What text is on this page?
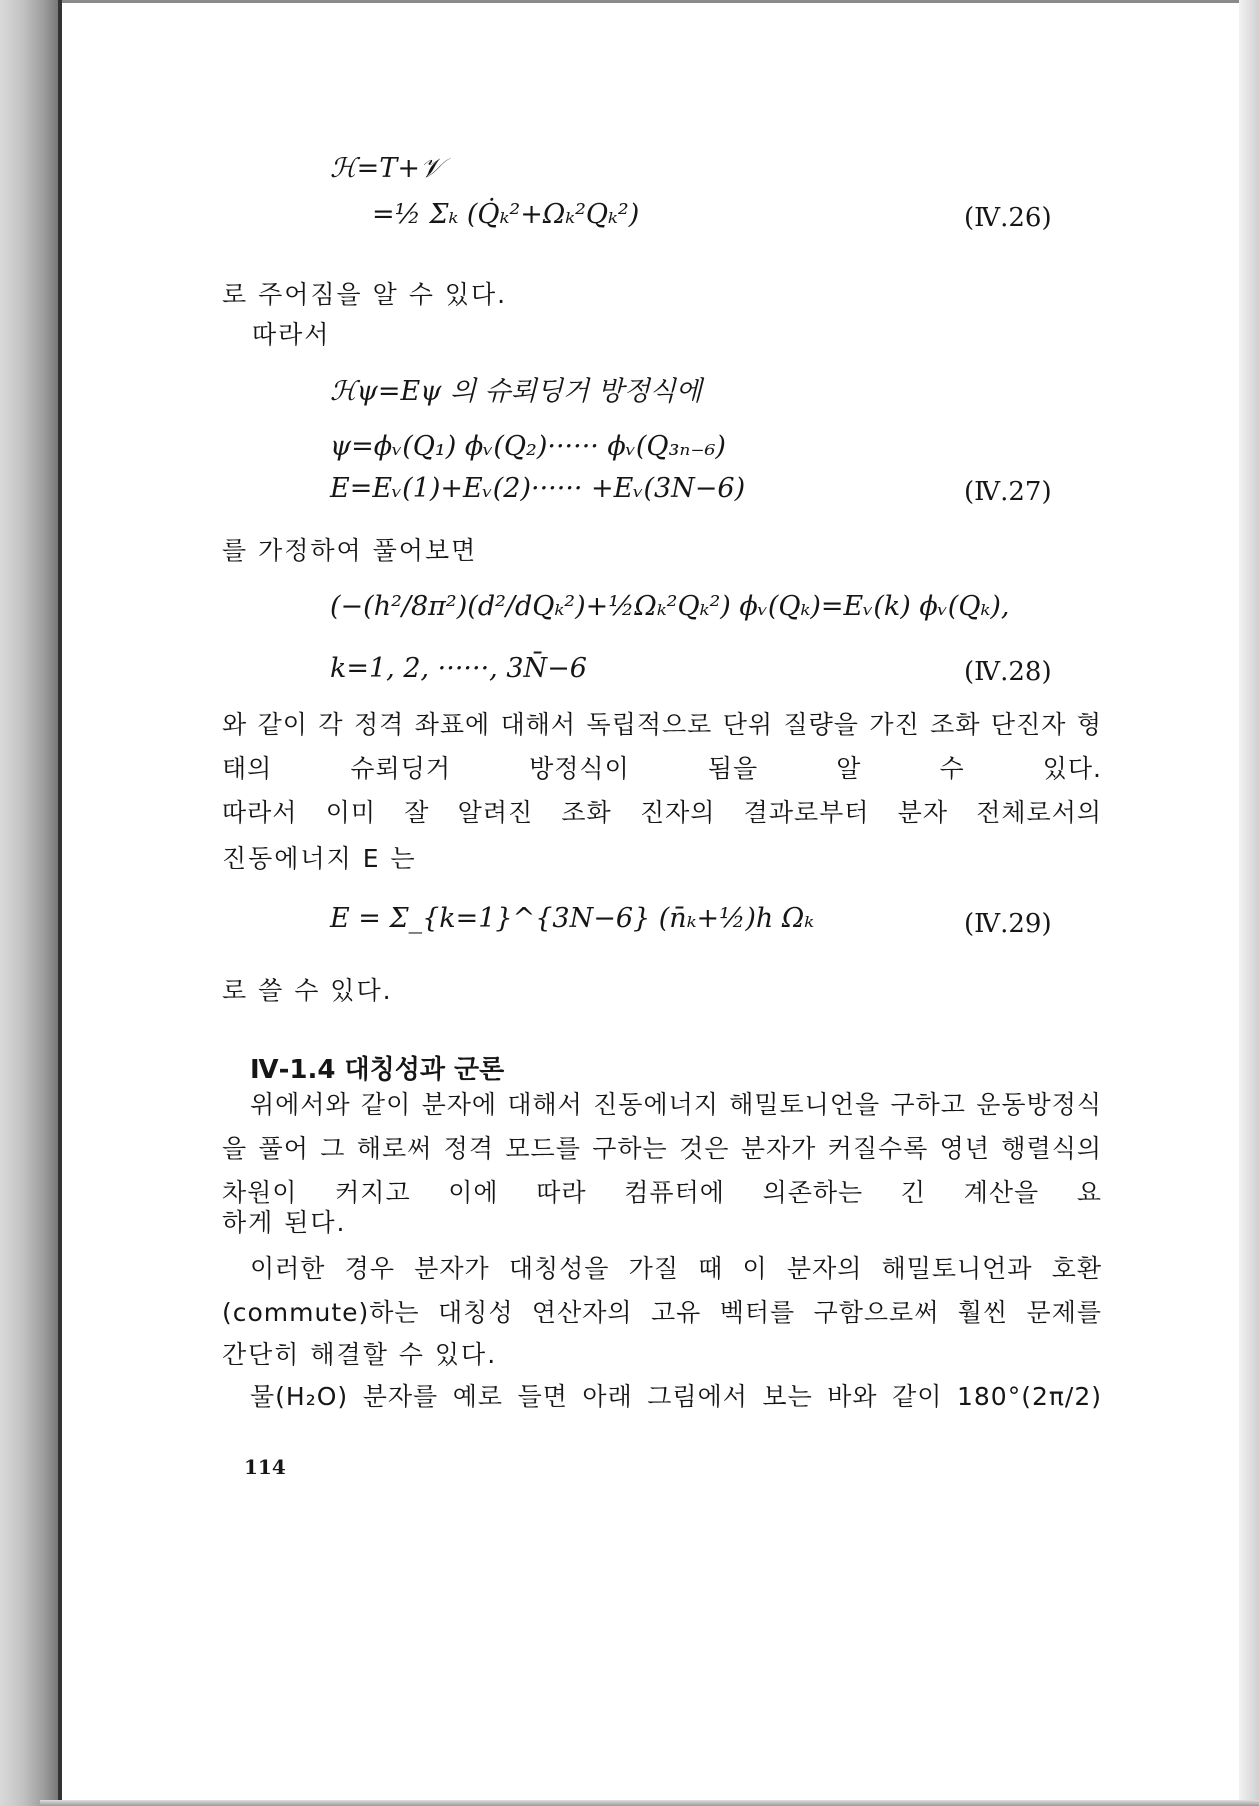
ℋ=T+𝒱
=½ Σₖ (Q̇ₖ²+Ωₖ²Qₖ²)	(Ⅳ.26)
로 주어짐을 알 수 있다.
따라서
ℋψ=Eψ 의 슈뢰딩거 방정식에
ψ=ϕᵥ(Q₁) ϕᵥ(Q₂)······ ϕᵥ(Q₃ₙ₋₆)
E=Eᵥ(1)+Eᵥ(2)······ +Eᵥ(3N−6)	(Ⅳ.27)
를 가정하여 풀어보면
(−(h²/8π²)(d²/dQₖ²)+½Ωₖ²Qₖ²) ϕᵥ(Qₖ)=Eᵥ(k) ϕᵥ(Qₖ),
k=1, 2, ······, 3N̄−6	(Ⅳ.28)
와 같이 각 정격 좌표에 대해서 독립적으로 단위 질량을 가진 조화 단진자 형태의 슈뢰딩거 방정식이 됨을 알 수 있다.
따라서 이미 잘 알려진 조화 진자의 결과로부터 분자 전체로서의
진동에너지 E 는
E = Σ_{k=1}^{3N−6} (n̄ₖ+½)h Ωₖ	(Ⅳ.29)
로 쓸 수 있다.
Ⅳ-1.4 대칭성과 군론
위에서와 같이 분자에 대해서 진동에너지 해밀토니언을 구하고 운동방정식을 풀어 그 해로써 정격 모드를 구하는 것은 분자가 커질수록 영년 행렬식의 차원이 커지고 이에 따라 컴퓨터에 의존하는 긴 계산을 요
하게 된다.
이러한 경우 분자가 대칭성을 가질 때 이 분자의 해밀토니언과 호환(commute)하는 대칭성 연산자의 고유 벡터를 구함으로써 훨씬 문제를
간단히 해결할 수 있다.
물(H₂O) 분자를 예로 들면 아래 그림에서 보는 바와 같이 180°(2π/2)
114
